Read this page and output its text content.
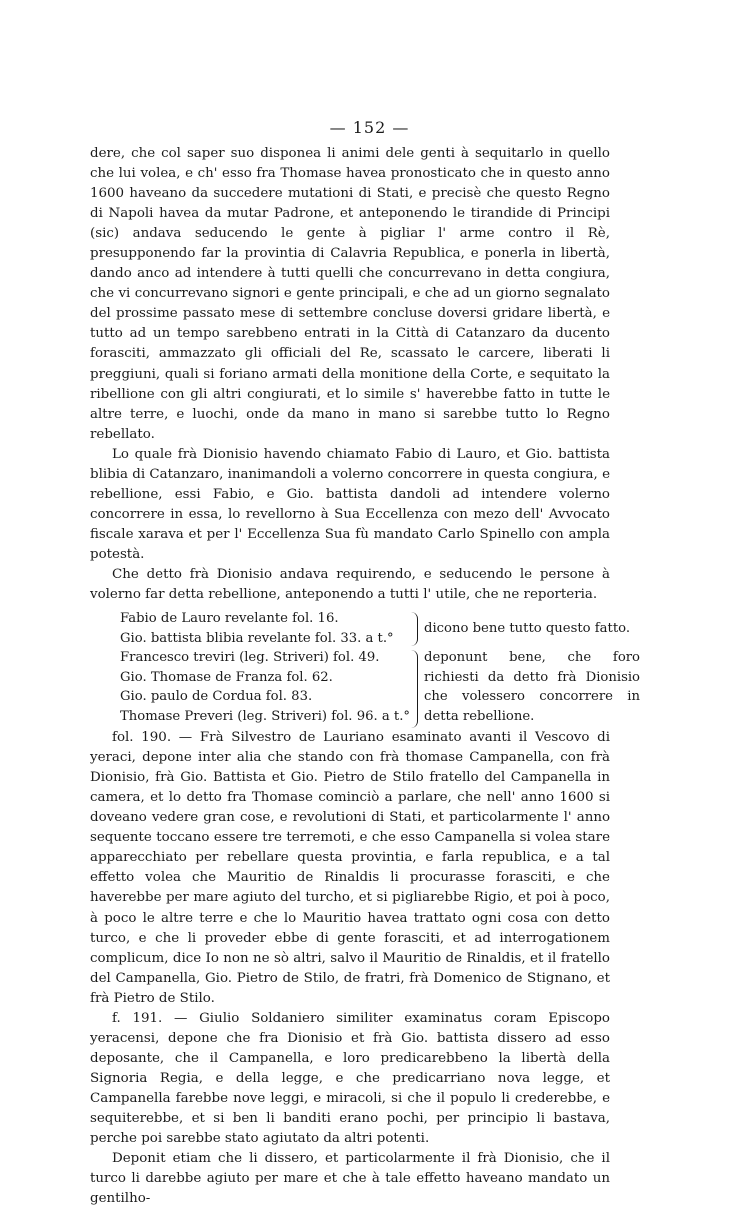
— 152 —

dere, che col saper suo disponea li animi dele genti à sequitarlo in quello che lui volea, e ch' esso fra Thomase havea pronosticato che in questo anno 1600 haveano da succedere mutationi di Stati, e precisè che questo Regno di Napoli havea da mutar Padrone, et anteponendo le tirandide di Principi (sic) andava seducendo le gente à pigliar l' arme contro il Rè, presupponendo far la provintia di Calavria Republica, e ponerla in libertà, dando anco ad intendere à tutti quelli che concurrevano in detta congiura, che vi concurrevano signori e gente principali, e che ad un giorno segnalato del prossime passato mese di settembre concluse doversi gridare libertà, e tutto ad un tempo sarebbeno entrati in la Città di Catanzaro da ducento forasciti, ammazzato gli officiali del Re, scassato le carcere, liberati li preggiuni, quali si foriano armati della monitione della Corte, e sequitato la ribellione con gli altri congiurati, et lo simile s' haverebbe fatto in tutte le altre terre, e luochi, onde da mano in mano si sarebbe tutto lo Regno rebellato.

Lo quale frà Dionisio havendo chiamato Fabio di Lauro, et Gio. battista blibia di Catanzaro, inanimandoli a volerno concorrere in questa congiura, e rebellione, essi Fabio, e Gio. battista dandoli ad intendere volerno concorrere in essa, lo revellorno à Sua Eccellenza con mezo dell' Avvocato fiscale xarava et per l' Eccellenza Sua fù mandato Carlo Spinello con ampla potestà.

Che detto frà Dionisio andava requirendo, e seducendo le persone à volerno far detta rebellione, anteponendo a tutti l' utile, che ne reporteria.

Fabio de Lauro revelante fol. 16.
Gio. battista blibia revelante fol. 33. a t.°
Francesco treviri (leg. Striveri) fol. 49.
Gio. Thomase de Franza fol. 62.
Gio. paulo de Cordua fol. 83.
Thomase Preveri (leg. Striveri) fol. 96. a t.°
dicono bene tutto questo fatto.
deponunt bene, che foro richiesti da detto frà Dionisio che volessero concorrere in detta rebellione.

fol. 190. — Frà Silvestro de Lauriano esaminato avanti il Vescovo di yeraci, depone inter alia che stando con frà thomase Campanella, con frà Dionisio, frà Gio. Battista et Gio. Pietro de Stilo fratello del Campanella in camera, et lo detto fra Thomase cominciò a parlare, che nell' anno 1600 si doveano vedere gran cose, e revolutioni di Stati, et particolarmente l' anno sequente toccano essere tre terremoti, e che esso Campanella si volea stare apparecchiato per rebellare questa provintia, e farla republica, e a tal effetto volea che Mauritio de Rinaldis li procurasse forasciti, e che haverebbe per mare agiuto del turcho, et si pigliarebbe Rigio, et poi à poco, à poco le altre terre e che lo Mauritio havea trattato ogni cosa con detto turco, e che li proveder ebbe di gente forasciti, et ad interrogationem complicum, dice Io non ne sò altri, salvo il Mauritio de Rinaldis, et il fratello del Campanella, Gio. Pietro de Stilo, de fratri, frà Domenico de Stignano, et frà Pietro de Stilo.

f. 191. — Giulio Soldaniero similiter examinatus coram Episcopo yeracensi, depone che fra Dionisio et frà Gio. battista dissero ad esso deposante, che il Campanella, e loro predicarebbeno la libertà della Signoria Regia, e della legge, e che predicarriano nova legge, et Campanella farebbe nove leggi, e miracoli, si che il populo li crederebbe, e sequiterebbe, et si ben li banditi erano pochi, per principio li bastava, perche poi sarebbe stato agiutato da altri potenti.

Deponit etiam che li dissero, et particolarmente il frà Dionisio, che il turco li darebbe agiuto per mare et che à tale effetto haveano mandato un gentilho-
